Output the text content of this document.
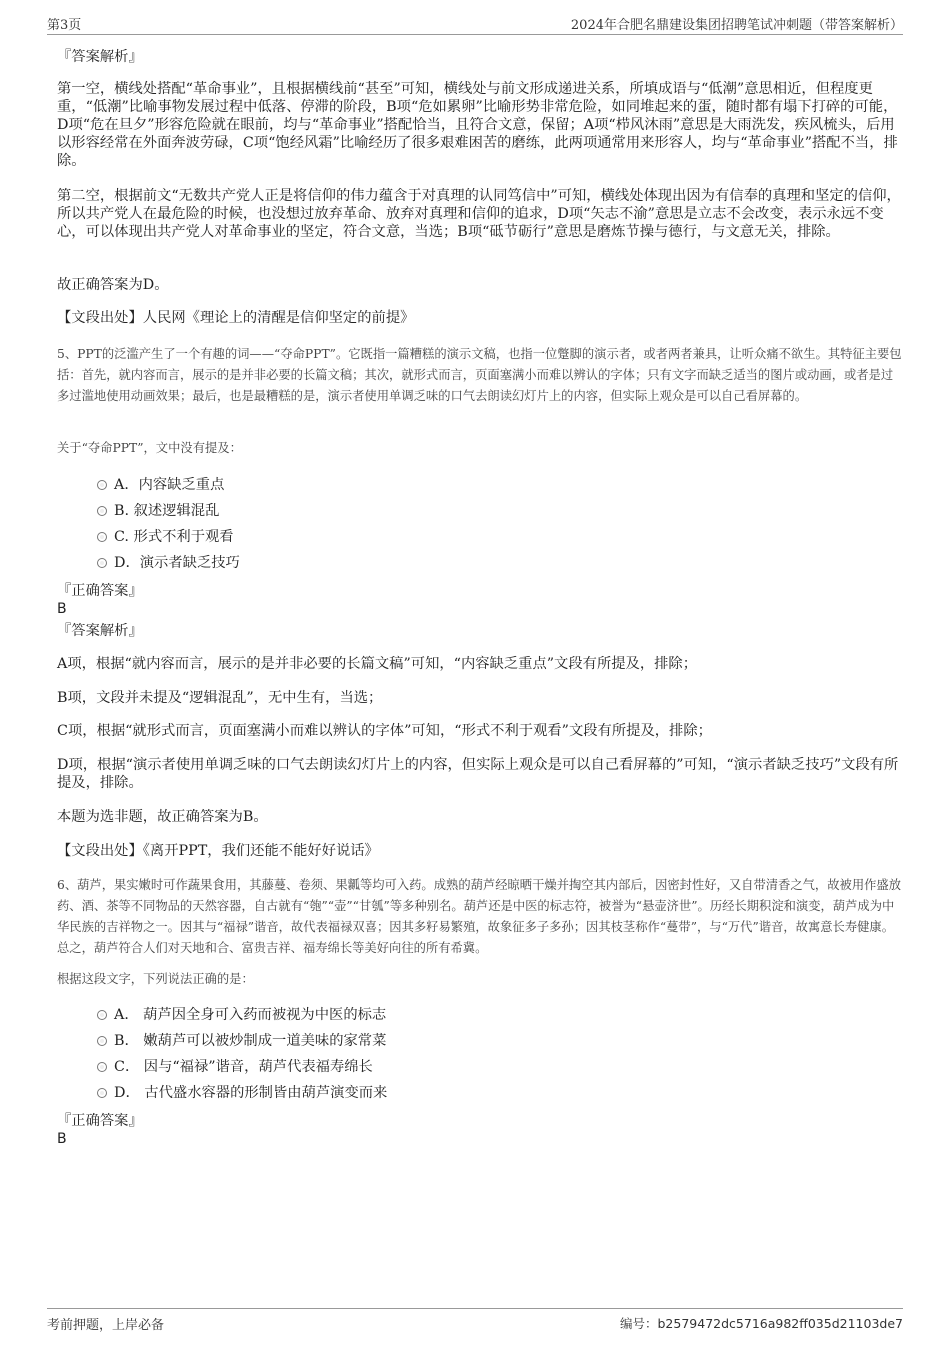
第3页	2024年合肥名鼎建设集团招聘笔试冲刺题（带答案解析）
『答案解析』
第一空，横线处搭配“革命事业”，且根据横线前“甚至”可知，横线处与前文形成递进关系，所填成语与“低潮”意思相近，但程度更重，“低潮”比喻事物发展过程中低落、停滞的阶段，B项“危如累卵”比喻形势非常危险，如同堆起来的蛋，随时都有塌下打碎的可能，D项“危在旦夕”形容危险就在眼前，均与“革命事业”搭配恰当，且符合文意，保留；A项“栉风沐雨”意思是大雨洗发，疾风梳头，后用以形容经常在外面奔波劳碌，C项“饱经风霜”比喻经历了很多艰难困苦的磨练，此两项通常用来形容人，均与“革命事业”搭配不当，排除。
第二空，根据前文“无数共产党人正是将信仰的伟力蕴含于对真理的认同笃信中”可知，横线处体现出因为有信奉的真理和坚定的信仰，所以共产党人在最危险的时候，也没想过放弃革命、放弃对真理和信仰的追求，D项“矢志不渝”意思是立志不会改变，表示永远不变心，可以体现出共产党人对革命事业的坚定，符合文意，当选；B项“砥节砺行”意思是磨炼节操与德行，与文意无关，排除。
故正确答案为D。
【文段出处】人民网《理论上的清醒是信仰坚定的前提》
5、PPT的泛滥产生了一个有趣的词——“夺命PPT”。它既指一篇糟糕的演示文稿，也指一位蹩脚的演示者，或者两者兼具，让听众痛不欲生。其特征主要包括：首先，就内容而言，展示的是并非必要的长篇文稿；其次，就形式而言，页面塞满小而难以辨认的字体；只有文字而缺乏适当的图片或动画，或者是过多过滥地使用动画效果；最后，也是最糟糕的是，演示者使用单调乏味的口气去朗读幻灯片上的内容，但实际上观众是可以自己看屏幕的。
关于“夺命PPT”，文中没有提及：
A．内容缺乏重点
B. 叙述逻辑混乱
C. 形式不利于观看
D．演示者缺乏技巧
『正确答案』
B
『答案解析』
A项，根据“就内容而言，展示的是并非必要的长篇文稿”可知，“内容缺乏重点”文段有所提及，排除；
B项，文段并未提及“逻辑混乱”，无中生有，当选；
C项，根据“就形式而言，页面塞满小而难以辨认的字体”可知，“形式不利于观看”文段有所提及，排除；
D项，根据“演示者使用单调乏味的口气去朗读幻灯片上的内容，但实际上观众是可以自己看屏幕的”可知，“演示者缺乏技巧”文段有所提及，排除。
本题为选非题，故正确答案为B。
【文段出处】《离开PPT，我们还能不能好好说话》
6、葫芦，果实嫩时可作蔬果食用，其藤蔓、卷须、果瓤等均可入药。成熟的葫芦经晾晒干燥并掏空其内部后，因密封性好，又自带清香之气，故被用作盛放药、酒、茶等不同物品的天然容器，自古就有“匏”“壶”“甘瓠”等多种别名。葫芦还是中医的标志符，被誉为“悬壶济世”。历经长期积淀和演变，葫芦成为中华民族的吉祥物之一。因其与“福禄”谐音，故代表福禄双喜；因其多籽易繁殖，故象征多子多孙；因其枝茎称作“蔓带”，与“万代”谐音，故寓意长寿健康。总之，葫芦符合人们对天地和合、富贵吉祥、福寿绵长等美好向往的所有希冀。
根据这段文字，下列说法正确的是：
A． 葫芦因全身可入药而被视为中医的标志
B． 嫩葫芦可以被炒制成一道美味的家常菜
C． 因与“福禄”谐音，葫芦代表福寿绵长
D． 古代盛水容器的形制皆由葫芦演变而来
『正确答案』
B
考前押题，上岸必备	编号：b2579472dc5716a982ff035d21103de7
